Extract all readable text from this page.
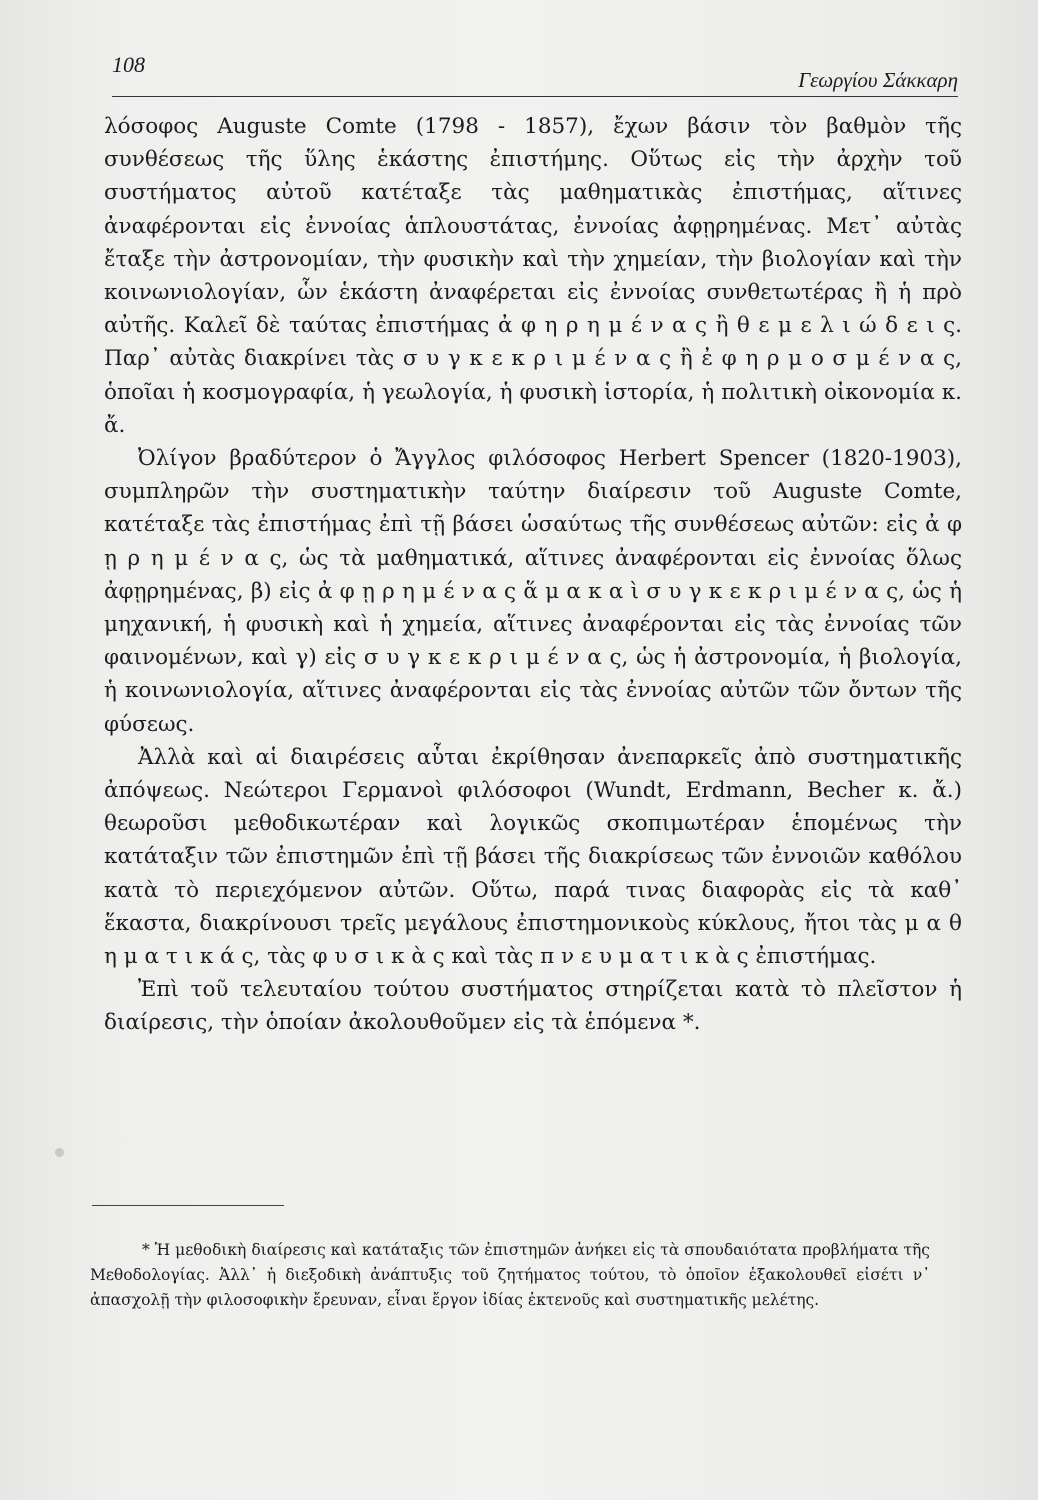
108
Γεωργίου Σάκκαρη

λόσοφος Auguste Comte (1798 - 1857), ἔχων βάσιν τὸν βαθμὸν τῆς συνθέσεως τῆς ὕλης ἑκάστης ἐπιστήμης. Οὕτως εἰς τὴν ἀρχὴν τοῦ συστήματος αὐτοῦ κατέταξε τὰς μαθηματικὰς ἐπιστήμας, αἵτινες ἀναφέρονται εἰς ἐννοίας ἁπλουστάτας, ἐννοίας ἀφῃρημένας. Μετ᾽ αὐτὰς ἔταξε τὴν ἀστρονομίαν, τὴν φυσικὴν καὶ τὴν χημείαν, τὴν βιολογίαν καὶ τὴν κοινωνιολογίαν, ὧν ἑκάστη ἀναφέρεται εἰς ἐννοίας συνθετωτέρας ἢ ἡ πρὸ αὐτῆς. Καλεῖ δὲ ταύτας ἐπιστήμας ἀ φ η ρ η μ έ ν α ς ἢ θ ε μ ε λ ι ώ δ ε ι ς. Παρ᾽ αὐτὰς διακρίνει τὰς σ υ γ κ ε κ ρ ι μ έ ν α ς ἢ ἐ φ η ρ μ ο σ μ έ ν α ς, ὁποῖαι ἡ κοσμογραφία, ἡ γεωλογία, ἡ φυσικὴ ἱστορία, ἡ πολιτικὴ οἰκονομία κ. ἄ.

Ὀλίγον βραδύτερον ὁ Ἄγγλος φιλόσοφος Herbert Spencer (1820-1903), συμπληρῶν τὴν συστηματικὴν ταύτην διαίρεσιν τοῦ Auguste Comte, κατέταξε τὰς ἐπιστήμας ἐπὶ τῇ βάσει ὡσαύτως τῆς συνθέσεως αὐτῶν: εἰς ἀ φ ῃ ρ η μ έ ν α ς, ὡς τὰ μαθηματικά, αἵτινες ἀναφέρονται εἰς ἐννοίας ὅλως ἀφῃρημένας, β) εἰς ἀ φ ῃ ρ η μ έ ν α ς ἅ μ α κ α ὶ σ υ γ κ ε κ ρ ι μ έ ν α ς, ὡς ἡ μηχανική, ἡ φυσικὴ καὶ ἡ χημεία, αἵτινες ἀναφέρονται εἰς τὰς ἐννοίας τῶν φαινομένων, καὶ γ) εἰς σ υ γ κ ε κ ρ ι μ έ ν α ς, ὡς ἡ ἀστρονομία, ἡ βιολογία, ἡ κοινωνιολογία, αἵτινες ἀναφέρονται εἰς τὰς ἐννοίας αὐτῶν τῶν ὄντων τῆς φύσεως.

Ἀλλὰ καὶ αἱ διαιρέσεις αὗται ἐκρίθησαν ἀνεπαρκεῖς ἀπὸ συστηματικῆς ἀπόψεως. Νεώτεροι Γερμανοὶ φιλόσοφοι (Wundt, Erdmann, Becher κ. ἄ.) θεωροῦσι μεθοδικωτέραν καὶ λογικῶς σκοπιμωτέραν ἑπομένως τὴν κατάταξιν τῶν ἐπιστημῶν ἐπὶ τῇ βάσει τῆς διακρίσεως τῶν ἐννοιῶν καθόλου κατὰ τὸ περιεχόμενον αὐτῶν. Οὕτω, παρά τινας διαφορὰς εἰς τὰ καθ᾽ ἕκαστα, διακρίνουσι τρεῖς μεγάλους ἐπιστημονικοὺς κύκλους, ἤτοι τὰς μ α θ η μ α τ ι κ ά ς, τὰς φ υ σ ι κ ὰ ς καὶ τὰς π ν ε υ μ α τ ι κ ὰ ς ἐπιστήμας.

Ἐπὶ τοῦ τελευταίου τούτου συστήματος στηρίζεται κατὰ τὸ πλεῖστον ἡ διαίρεσις, τὴν ὁποίαν ἀκολουθοῦμεν εἰς τὰ ἑπόμενα *.

* Ἡ μεθοδικὴ διαίρεσις καὶ κατάταξις τῶν ἐπιστημῶν ἀνήκει εἰς τὰ σπουδαιότατα προβλήματα τῆς Μεθοδολογίας. Ἀλλ᾽ ἡ διεξοδικὴ ἀνάπτυξις τοῦ ζητήματος τούτου, τὸ ὁποῖον ἐξακολουθεῖ εἰσέτι ν᾽ ἀπασχολῇ τὴν φιλοσοφικὴν ἔρευναν, εἶναι ἔργον ἰδίας ἐκτενοῦς καὶ συστηματικῆς μελέτης.
